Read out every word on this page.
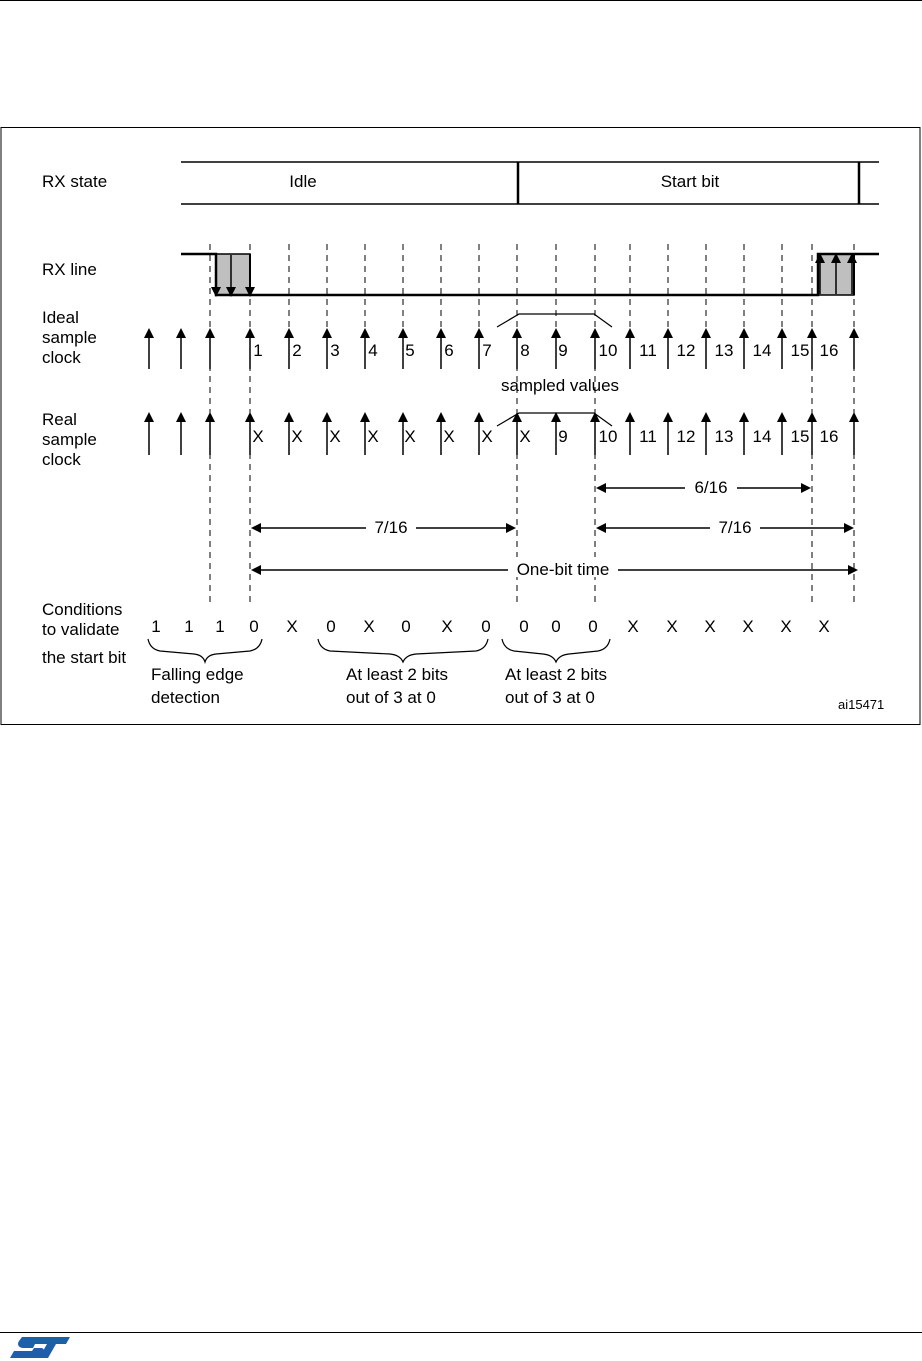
RX state
RX line
Ideal
sample
clock
Real
sample
clock
Conditions
to validate
the start bit
Idle	Start bit
1 2 3 4 5 6 7 8 9 10 11 12 13 14 15 16
sampled values
X X X X X X X X 9 10 11 12 13 14 15 16
6/16
7/16	7/16
One-bit time
1 1 1 0 X 0 X 0 X 0 0 0 0 X X X X X X
Falling edge
detection
At least 2 bits
out of 3 at 0
At least 2 bits
out of 3 at 0	ai15471
